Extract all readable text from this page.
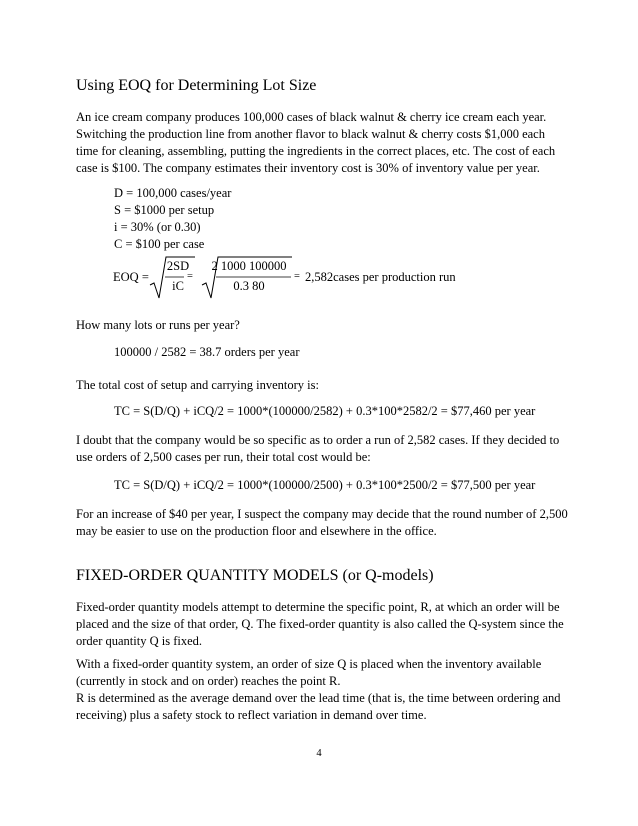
Using EOQ for Determining Lot Size
An ice cream company produces 100,000 cases of black walnut & cherry ice cream each year. Switching the production line from another flavor to black walnut & cherry costs $1,000 each time for cleaning, assembling, putting the ingredients in the correct places, etc. The cost of each case is $100. The company estimates their inventory cost is 30% of inventory value per year.
D = 100,000 cases/year
S = $1000 per setup
i = 30% (or 0.30)
C = $100 per case
EOQ =
2SD
iC
=
2 1000 100000
0.3 80
= 2,582cases per production run
How many lots or runs per year?
100000 / 2582 = 38.7 orders per year
The total cost of setup and carrying inventory is:
TC = S(D/Q) + iCQ/2 = 1000*(100000/2582) + 0.3*100*2582/2 = $77,460 per year
I doubt that the company would be so specific as to order a run of 2,582 cases. If they decided to use orders of 2,500 cases per run, their total cost would be:
TC = S(D/Q) + iCQ/2 = 1000*(100000/2500) + 0.3*100*2500/2 = $77,500 per year
For an increase of $40 per year, I suspect the company may decide that the round number of 2,500 may be easier to use on the production floor and elsewhere in the office.
FIXED-ORDER QUANTITY MODELS (or Q-models)
Fixed-order quantity models attempt to determine the specific point, R, at which an order will be placed and the size of that order, Q. The fixed-order quantity is also called the Q-system since the order quantity Q is fixed.
With a fixed-order quantity system, an order of size Q is placed when the inventory available (currently in stock and on order) reaches the point R.
R is determined as the average demand over the lead time (that is, the time between ordering and receiving) plus a safety stock to reflect variation in demand over time.
4
